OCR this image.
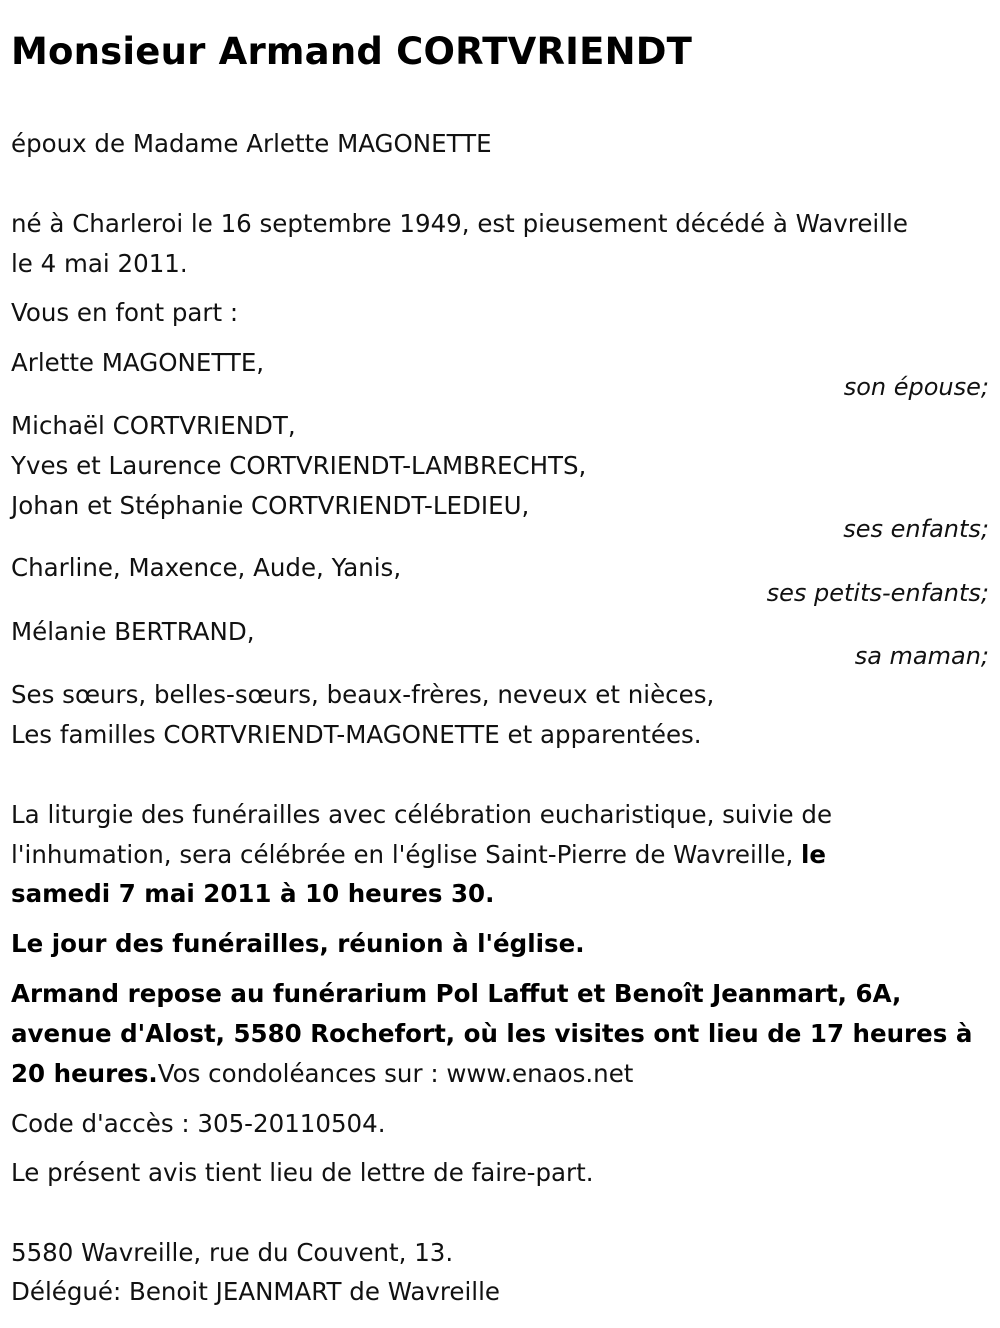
Monsieur Armand CORTVRIENDT
époux de Madame Arlette MAGONETTE
né à Charleroi le 16 septembre 1949, est pieusement décédé à Wavreille
le 4 mai 2011.
Vous en font part :
Arlette MAGONETTE,
son épouse;
Michaël CORTVRIENDT,
Yves et Laurence CORTVRIENDT-LAMBRECHTS,
Johan et Stéphanie CORTVRIENDT-LEDIEU,
ses enfants;
Charline, Maxence, Aude, Yanis,
ses petits-enfants;
Mélanie BERTRAND,
sa maman;
Ses sœurs, belles-sœurs, beaux-frères, neveux et nièces,
Les familles CORTVRIENDT-MAGONETTE et apparentées.
La liturgie des funérailles avec célébration eucharistique, suivie de
l'inhumation, sera célébrée en l'église Saint-Pierre de Wavreille, le
samedi 7 mai 2011 à 10 heures 30.
Le jour des funérailles, réunion à l'église.
Armand repose au funérarium Pol Laffut et Benoît Jeanmart, 6A,
avenue d'Alost, 5580 Rochefort, où les visites ont lieu de 17 heures à
20 heures.Vos condoléances sur : www.enaos.net
Code d'accès : 305-20110504.
Le présent avis tient lieu de lettre de faire-part.
5580 Wavreille, rue du Couvent, 13.
Délégué: Benoit JEANMART de Wavreille
